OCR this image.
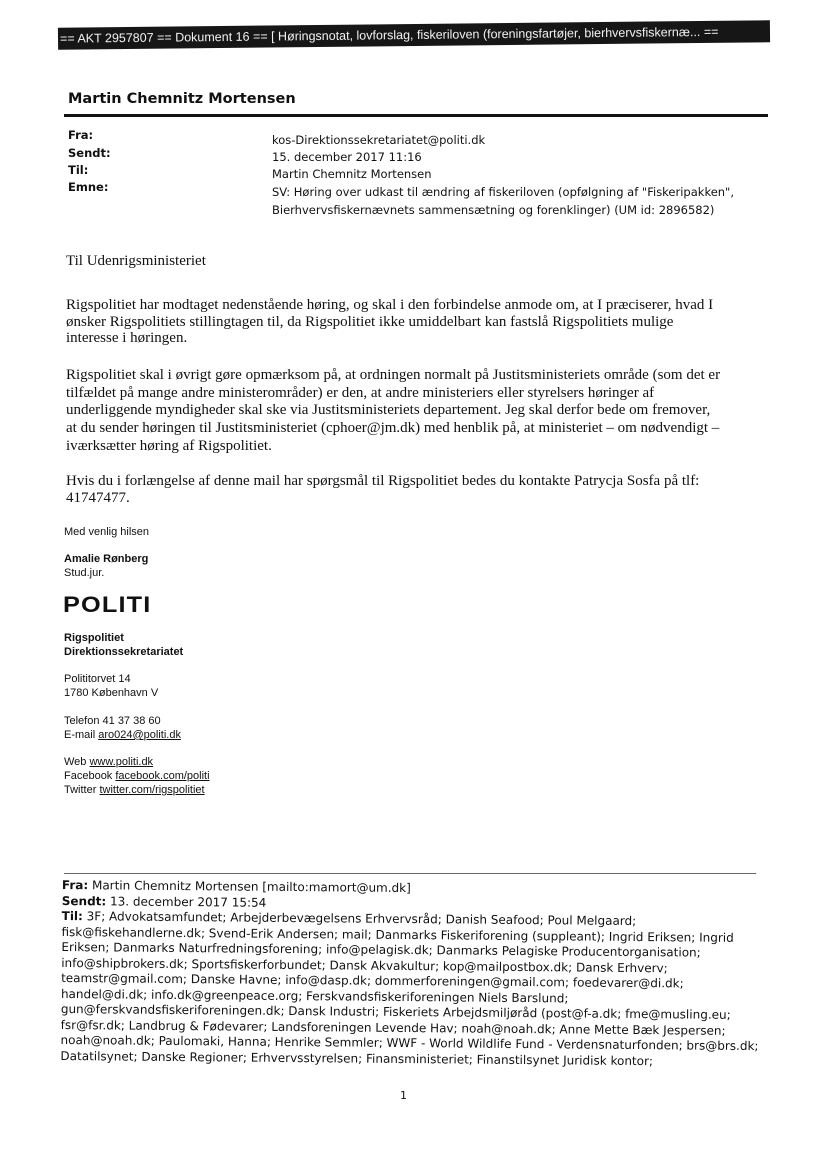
== AKT 2957807 == Dokument 16 == [ Høringsnotat, lovforslag, fiskeriloven (foreningsfartøjer, bierhvervsfiskernæ... ==
Martin Chemnitz Mortensen
Fra:	kos-Direktionssekretariatet@politi.dk
Sendt:	15. december 2017 11:16
Til:	Martin Chemnitz Mortensen
Emne:	SV: Høring over udkast til ændring af fiskeriloven (opfølgning af "Fiskeripakken",
Bierhvervsfiskernævnets sammensætning og forenklinger) (UM id: 2896582)
Til Udenrigsministeriet
Rigspolitiet har modtaget nedenstående høring, og skal i den forbindelse anmode om, at I præciserer, hvad I
ønsker Rigspolitiets stillingtagen til, da Rigspolitiet ikke umiddelbart kan fastslå Rigspolitiets mulige
interesse i høringen.
Rigspolitiet skal i øvrigt gøre opmærksom på, at ordningen normalt på Justitsministeriets område (som det er
tilfældet på mange andre ministerområder) er den, at andre ministeriers eller styrelsers høringer af
underliggende myndigheder skal ske via Justitsministeriets departement. Jeg skal derfor bede om fremover,
at du sender høringen til Justitsministeriet (cphoer@jm.dk) med henblik på, at ministeriet – om nødvendigt –
iværksætter høring af Rigspolitiet.
Hvis du i forlængelse af denne mail har spørgsmål til Rigspolitiet bedes du kontakte Patrycja Sosfa på tlf:
41747477.
Med venlig hilsen
Amalie Rønberg
Stud.jur.
POLITI
Rigspolitiet
Direktionssekretariatet
Polititorvet 14
1780 København V
Telefon 41 37 38 60
E-mail aro024@politi.dk
Web www.politi.dk
Facebook facebook.com/politi
Twitter twitter.com/rigspolitiet
Fra: Martin Chemnitz Mortensen [mailto:mamort@um.dk]
Sendt: 13. december 2017 15:54
Til: 3F; Advokatsamfundet; Arbejderbevægelsens Erhvervsråd; Danish Seafood; Poul Melgaard;
fisk@fiskehandlerne.dk; Svend-Erik Andersen; mail; Danmarks Fiskeriforening (suppleant); Ingrid Eriksen; Ingrid
Eriksen; Danmarks Naturfredningsforening; info@pelagisk.dk; Danmarks Pelagiske Producentorganisation;
info@shipbrokers.dk; Sportsfiskerforbundet; Dansk Akvakultur; kop@mailpostbox.dk; Dansk Erhverv;
teamstr@gmail.com; Danske Havne; info@dasp.dk; dommerforeningen@gmail.com; foedevarer@di.dk;
handel@di.dk; info.dk@greenpeace.org; Ferskvandsfiskeriforeningen Niels Barslund;
gun@ferskvandsfiskeriforeningen.dk; Dansk Industri; Fiskeriets Arbejdsmiljøråd (post@f-a.dk; fme@musling.eu;
fsr@fsr.dk; Landbrug & Fødevarer; Landsforeningen Levende Hav; noah@noah.dk; Anne Mette Bæk Jespersen;
noah@noah.dk; Paulomaki, Hanna; Henrike Semmler; WWF - World Wildlife Fund - Verdensnaturfonden; brs@brs.dk;
Datatilsynet; Danske Regioner; Erhvervsstyrelsen; Finansministeriet; Finanstilsynet Juridisk kontor;
1
